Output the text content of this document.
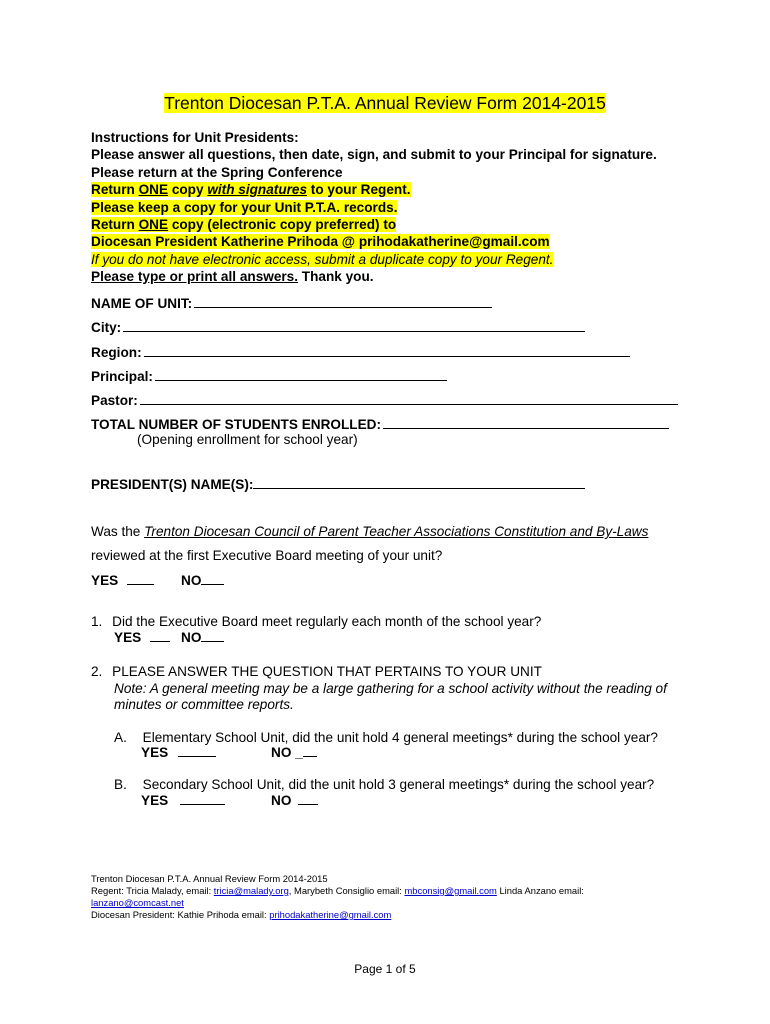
Trenton Diocesan P.T.A. Annual Review Form 2014-2015
Instructions for Unit Presidents:
Please answer all questions, then date, sign, and submit to your Principal for signature.
Please return at the Spring Conference
Return ONE copy with signatures to your Regent.
Please keep a copy for your Unit P.T.A. records.
Return ONE copy (electronic copy preferred) to
Diocesan President Katherine Prihoda @ prihodakatherine@gmail.com
If you do not have electronic access, submit a duplicate copy to your Regent.
Please type or print all answers. Thank you.
NAME OF UNIT:
City:
Region:
Principal:
Pastor:
TOTAL NUMBER OF STUDENTS ENROLLED:
(Opening enrollment for school year)
PRESIDENT(S) NAME(S):
Was the Trenton Diocesan Council of Parent Teacher Associations Constitution and By-Laws
reviewed at the first Executive Board meeting of your unit?
YES	NO
1. Did the Executive Board meet regularly each month of the school year?
YES	NO
2. PLEASE ANSWER THE QUESTION THAT PERTAINS TO YOUR UNIT
Note: A general meeting may be a large gathering for a school activity without the reading of
minutes or committee reports.
A. Elementary School Unit, did the unit hold 4 general meetings* during the school year?
YES	NO _
B. Secondary School Unit, did the unit hold 3 general meetings* during the school year?
YES	NO
Trenton Diocesan P.T.A. Annual Review Form 2014-2015
Regent: Tricia Malady, email: tricia@malady.org, Marybeth Consiglio email: mbconsig@gmail.com Linda Anzano email:
lanzano@comcast.net
Diocesan President: Kathie Prihoda email: prihodakatherine@gmail.com
Page 1 of 5
